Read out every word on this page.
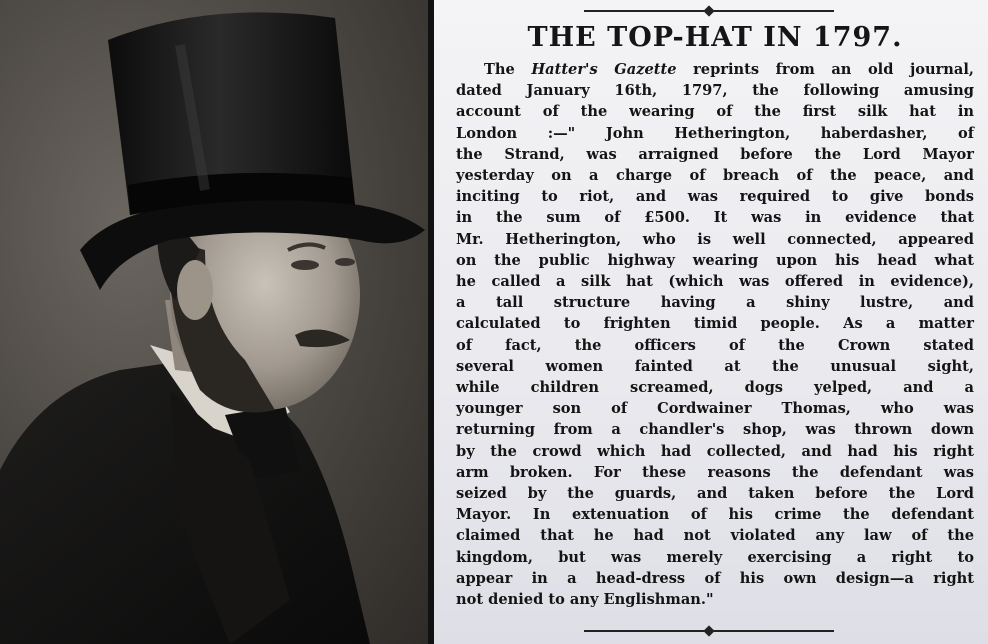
THE TOP-HAT IN 1797.
The Hatter's Gazette reprints from an old journal,
dated January 16th, 1797, the following amusing
account of the wearing of the first silk hat in
London :—" John Hetherington, haberdasher, of
the Strand, was arraigned before the Lord Mayor
yesterday on a charge of breach of the peace, and
inciting to riot, and was required to give bonds
in the sum of £500. It was in evidence that
Mr. Hetherington, who is well connected, appeared
on the public highway wearing upon his head what
he called a silk hat (which was offered in evidence),
a tall structure having a shiny lustre, and
calculated to frighten timid people. As a matter
of fact, the officers of the Crown stated
several women fainted at the unusual sight,
while children screamed, dogs yelped, and a
younger son of Cordwainer Thomas, who was
returning from a chandler's shop, was thrown down
by the crowd which had collected, and had his right
arm broken. For these reasons the defendant was
seized by the guards, and taken before the Lord
Mayor. In extenuation of his crime the defendant
claimed that he had not violated any law of the
kingdom, but was merely exercising a right to
appear in a head-dress of his own design—a right
not denied to any Englishman."
